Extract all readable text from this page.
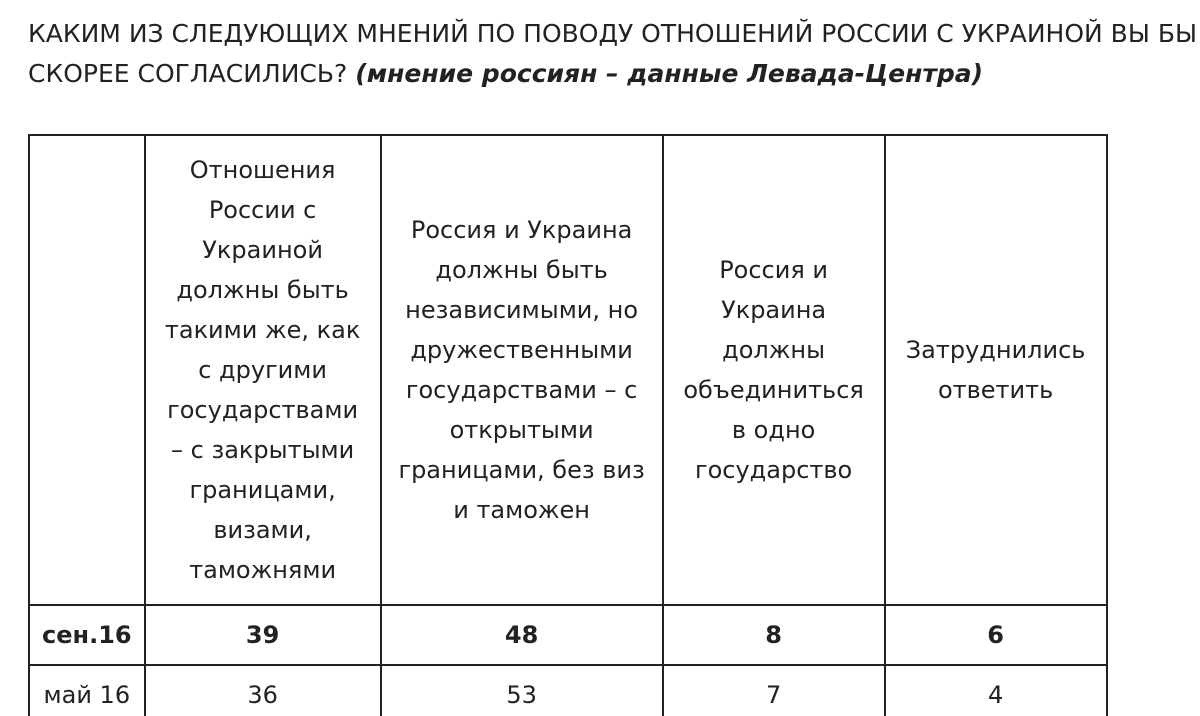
КАКИМ ИЗ СЛЕДУЮЩИХ МНЕНИЙ ПО ПОВОДУ ОТНОШЕНИЙ РОССИИ С УКРАИНОЙ ВЫ БЫ СКОРЕЕ СОГЛАСИЛИСЬ? (мнение россиян – данные Левада-Центра)

	Отношения России с Украиной должны быть такими же, как с другими государствами – с закрытыми границами, визами, таможнями	Россия и Украина должны быть независимыми, но дружественными государствами – с открытыми границами, без виз и таможен	Россия и Украина должны объединиться в одно государство	Затруднились ответить

сен.16	39	48	8	6
май 16	36	53	7	4
